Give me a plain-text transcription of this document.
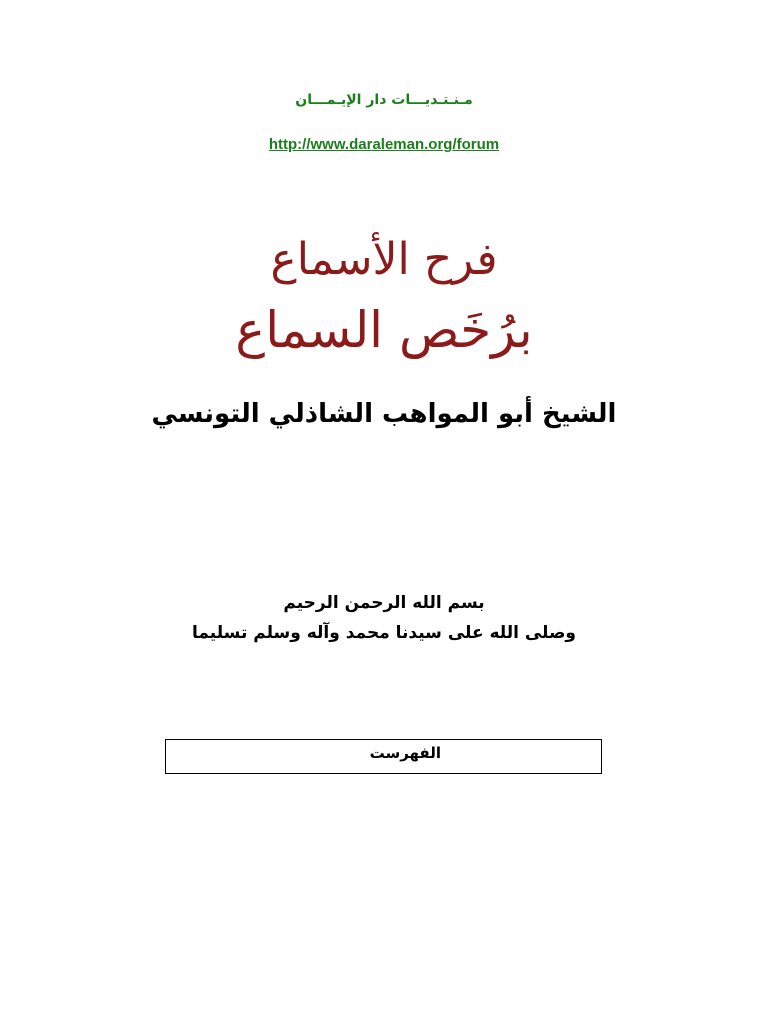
مـنـتـديـــات دار الإيـمـــان
http://www.daraleman.org/forum
فرح الأسماع
برُخَص السماع
الشيخ أبو المواهب الشاذلي التونسي
بسم الله الرحمن الرحيم
وصلى الله على سيدنا محمد وآله وسلم تسليما
الفهرست
